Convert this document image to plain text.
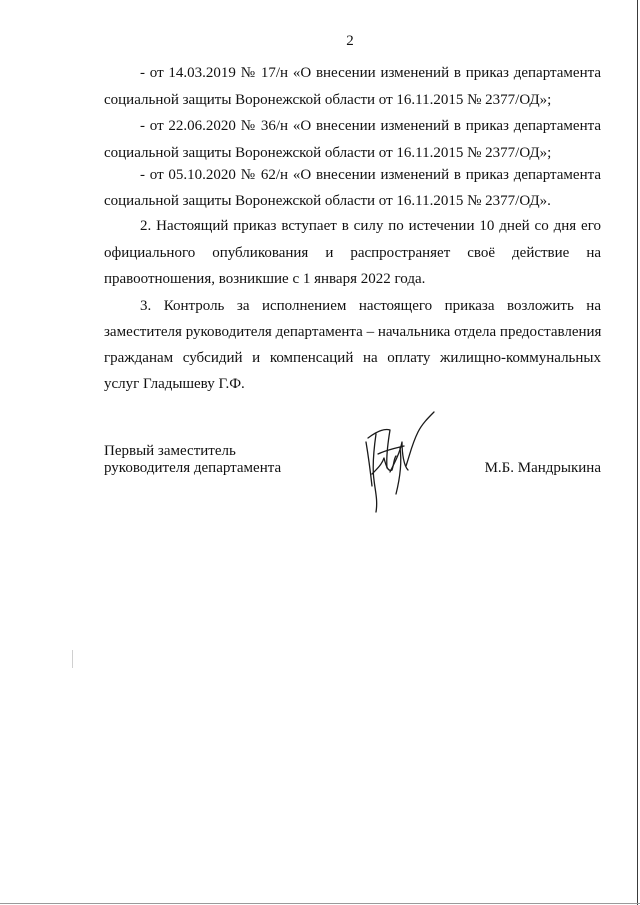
2
- от 14.03.2019 № 17/н «О внесении изменений в приказ департамента
социальной защиты Воронежской области от 16.11.2015 № 2377/ОД»;
- от 22.06.2020 № 36/н «О внесении изменений в приказ департамента
социальной защиты Воронежской области от 16.11.2015 № 2377/ОД»;
- от 05.10.2020 № 62/н «О внесении изменений в приказ департамента
социальной защиты Воронежской области от 16.11.2015 № 2377/ОД».
2. Настоящий приказ вступает в силу по истечении 10 дней со дня его
официального опубликования и распространяет своё действие на
правоотношения, возникшие с 1 января 2022 года.
3. Контроль за исполнением настоящего приказа возложить на
заместителя руководителя департамента – начальника отдела предоставления
гражданам субсидий и компенсаций на оплату жилищно-коммунальных
услуг Гладышеву Г.Ф.
Первый заместитель
руководителя департамента	М.Б. Мандрыкина
